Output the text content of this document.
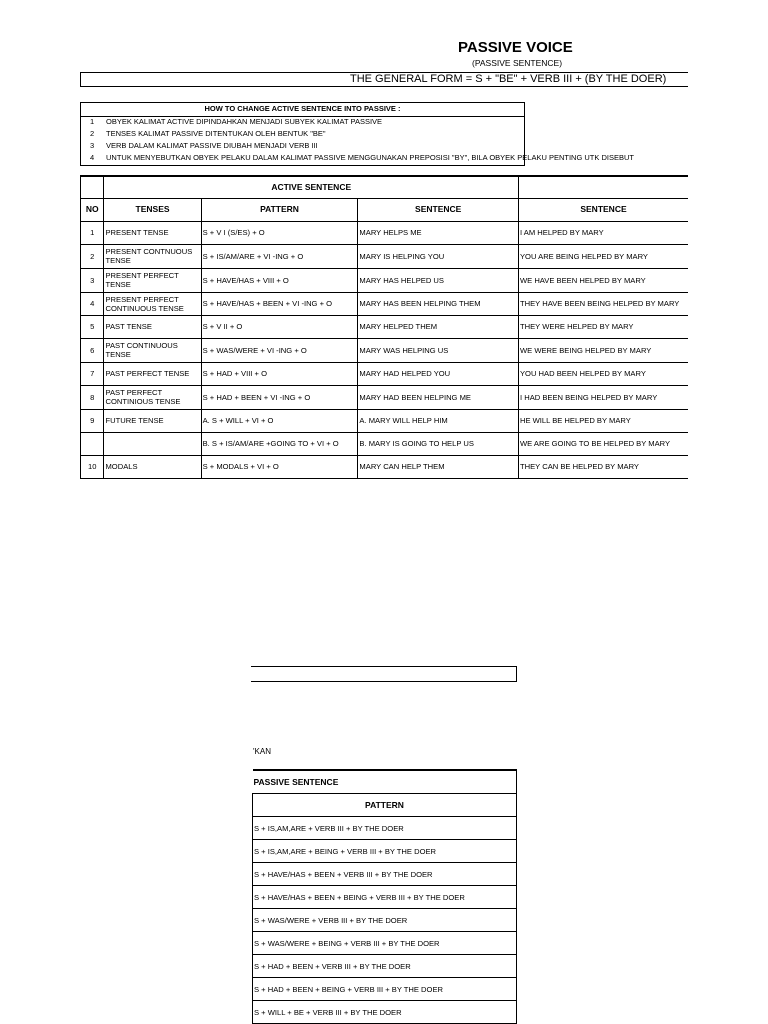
PASSIVE VOICE
(PASSIVE SENTENCE)
THE GENERAL FORM = S + "BE" + VERB III + (BY THE DOER)
HOW TO CHANGE ACTIVE SENTENCE INTO PASSIVE :
1 OBYEK KALIMAT ACTIVE DIPINDAHKAN MENJADI SUBYEK KALIMAT PASSIVE
2 TENSES KALIMAT PASSIVE DITENTUKAN OLEH BENTUK "BE"
3 VERB DALAM KALIMAT PASSIVE DIUBAH MENJADI VERB III
4 UNTUK MENYEBUTKAN OBYEK PELAKU DALAM KALIMAT PASSIVE MENGGUNAKAN PREPOSISI "BY", BILA OBYEK PELAKU PENTING UTK DISEBUT
	ACTIVE SENTENCE			
NO	TENSES	PATTERN	SENTENCE	SENTENCE
1	PRESENT TENSE	S + V I (S/ES) + O	MARY HELPS ME	I AM HELPED BY MARY
2	PRESENT CONTNUOUS TENSE	S + IS/AM/ARE + VI -ING + O	MARY IS HELPING YOU	YOU ARE BEING HELPED BY MARY
3	PRESENT PERFECT TENSE	S + HAVE/HAS + VIII + O	MARY HAS HELPED US	WE HAVE BEEN HELPED BY MARY
4	PRESENT PERFECT CONTINUOUS TENSE	S + HAVE/HAS + BEEN + VI -ING + O	MARY HAS BEEN HELPING THEM	THEY HAVE BEEN BEING HELPED BY MARY
5	PAST TENSE	S + V II + O	MARY HELPED THEM	THEY WERE HELPED BY MARY
6	PAST CONTINUOUS TENSE	S + WAS/WERE + VI -ING + O	MARY WAS HELPING US	WE WERE BEING HELPED BY MARY
7	PAST PERFECT TENSE	S + HAD + VIII + O	MARY HAD HELPED YOU	YOU HAD BEEN HELPED BY MARY
8	PAST PERFECT CONTINIOUS TENSE	S + HAD + BEEN + VI -ING + O	MARY HAD BEEN HELPING ME	I HAD BEEN BEING HELPED BY MARY
9	FUTURE TENSE	A. S + WILL + VI + O	A. MARY WILL HELP HIM	HE WILL BE HELPED BY MARY
		B. S + IS/AM/ARE +GOING TO + VI + O	B. MARY IS GOING TO HELP US	WE ARE GOING TO BE HELPED BY MARY
10	MODALS	S + MODALS + VI + O	MARY CAN HELP THEM	THEY CAN BE HELPED BY MARY
'KAN
PASSIVE SENTENCE
PATTERN
S + IS,AM,ARE + VERB III + BY THE DOER
S + IS,AM,ARE + BEING + VERB III + BY THE DOER
S + HAVE/HAS + BEEN + VERB III + BY THE DOER
S + HAVE/HAS + BEEN + BEING + VERB III + BY THE DOER
S + WAS/WERE + VERB III + BY THE DOER
S + WAS/WERE + BEING + VERB III + BY THE DOER
S + HAD + BEEN + VERB III + BY THE DOER
S + HAD + BEEN + BEING + VERB III + BY THE DOER
S + WILL + BE + VERB III + BY THE DOER
